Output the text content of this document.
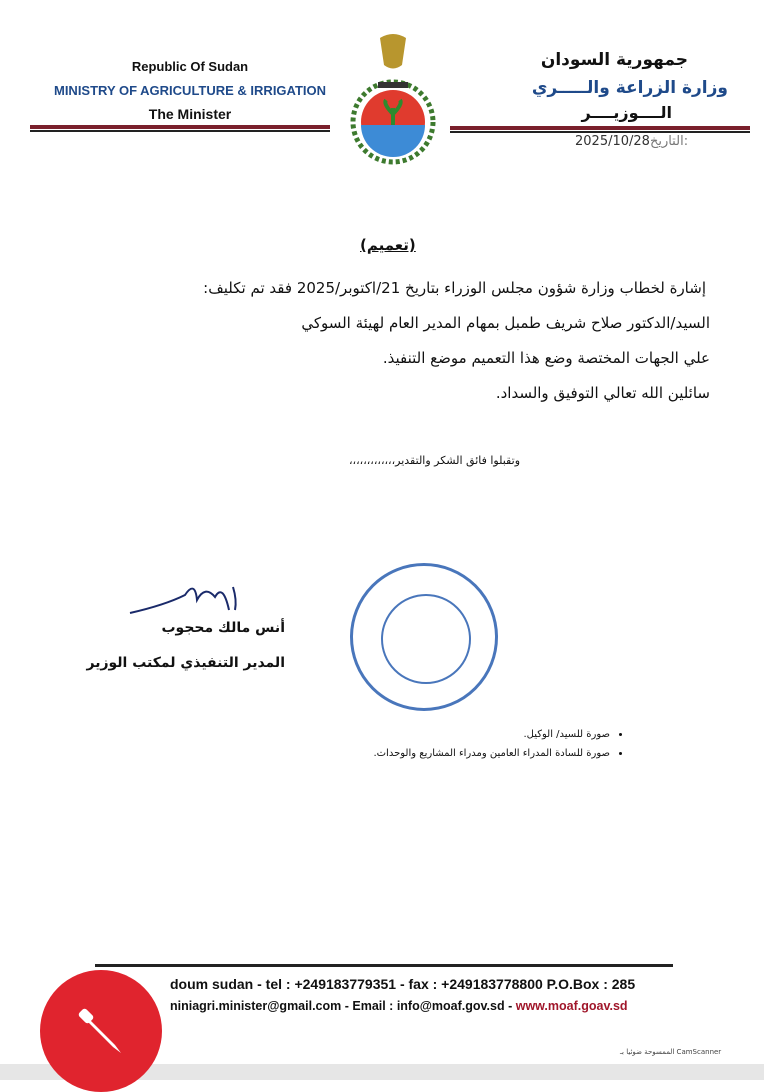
Republic Of Sudan
MINISTRY OF AGRICULTURE & IRRIGATION
The Minister
جمهورية السودان
وزارة الزراعة والـــــري
الــــوزيــــر
2025/10/28التاريخ:
(تعميم)
إشارة لخطاب وزارة شؤون مجلس الوزراء بتاريخ 21/اكتوبر/2025 فقد تم تكليف:
السيد/الدكتور صلاح شريف طمبل بمهام المدير العام لهيئة السوكي
علي الجهات المختصة وضع هذا التعميم موضع التنفيذ.
سائلين الله تعالي التوفيق والسداد.
وتقبلوا فائق الشكر والتقدير،،،،،،،،،،،،،
أنس مالك محجوب
المدير التنفيذي لمكتب الوزير
• صورة للسيد/ الوكيل.
• صورة للسادة المدراء العامين ومدراء المشاريع والوحدات.
doum sudan - tel : +249183779351 - fax : +249183778800 P.O.Box : 285
niniagri.minister@gmail.com - Email : info@moaf.gov.sd - www.moaf.goav.sd
الممسوحة ضوئيا بـ CamScanner
